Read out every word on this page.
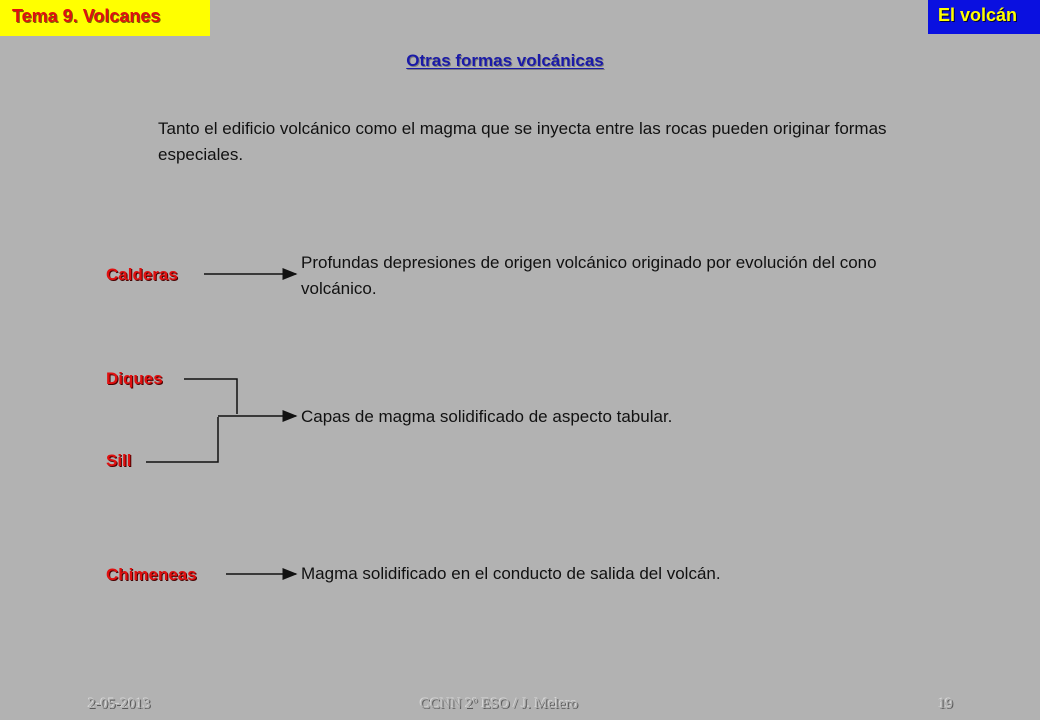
Tema 9. Volcanes	El volcán
Otras formas volcánicas
Tanto el edificio volcánico como el magma que se inyecta entre las rocas pueden originar formas especiales.
Calderas
Profundas depresiones de origen volcánico originado por evolución del cono volcánico.
Diques
Sill
Capas de magma solidificado de aspecto tabular.
Chimeneas	Magma solidificado en el conducto de salida del volcán.
2-05-2013	CCNN 2º ESO / J. Melero	19
